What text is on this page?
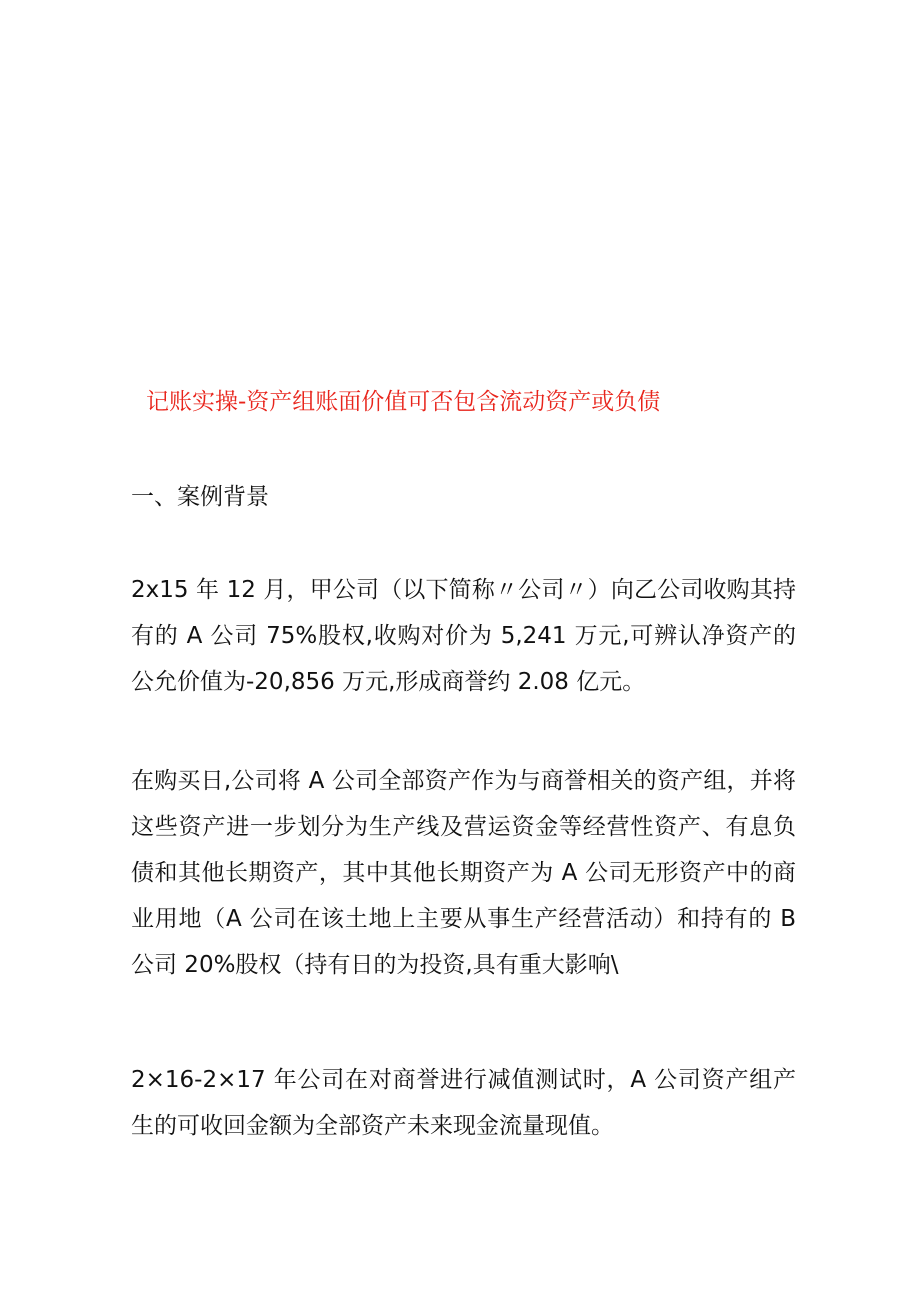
记账实操-资产组账面价值可否包含流动资产或负债
一、案例背景

2x15 年 12 月，甲公司（以下简称〃公司〃）向乙公司收购其持有的 A 公司 75%股权,收购对价为 5,241 万元,可辨认净资产的公允价值为-20,856 万元,形成商誉约 2.08 亿元。

在购买日,公司将 A 公司全部资产作为与商誉相关的资产组，并将这些资产进一步划分为生产线及营运资金等经营性资产、有息负债和其他长期资产，其中其他长期资产为 A 公司无形资产中的商业用地（A 公司在该土地上主要从事生产经营活动）和持有的 B 公司 20%股权（持有日的为投资,具有重大影响\

2×16-2×17 年公司在对商誉进行减值测试时，A 公司资产组产生的可收回金额为全部资产未来现金流量现值。
